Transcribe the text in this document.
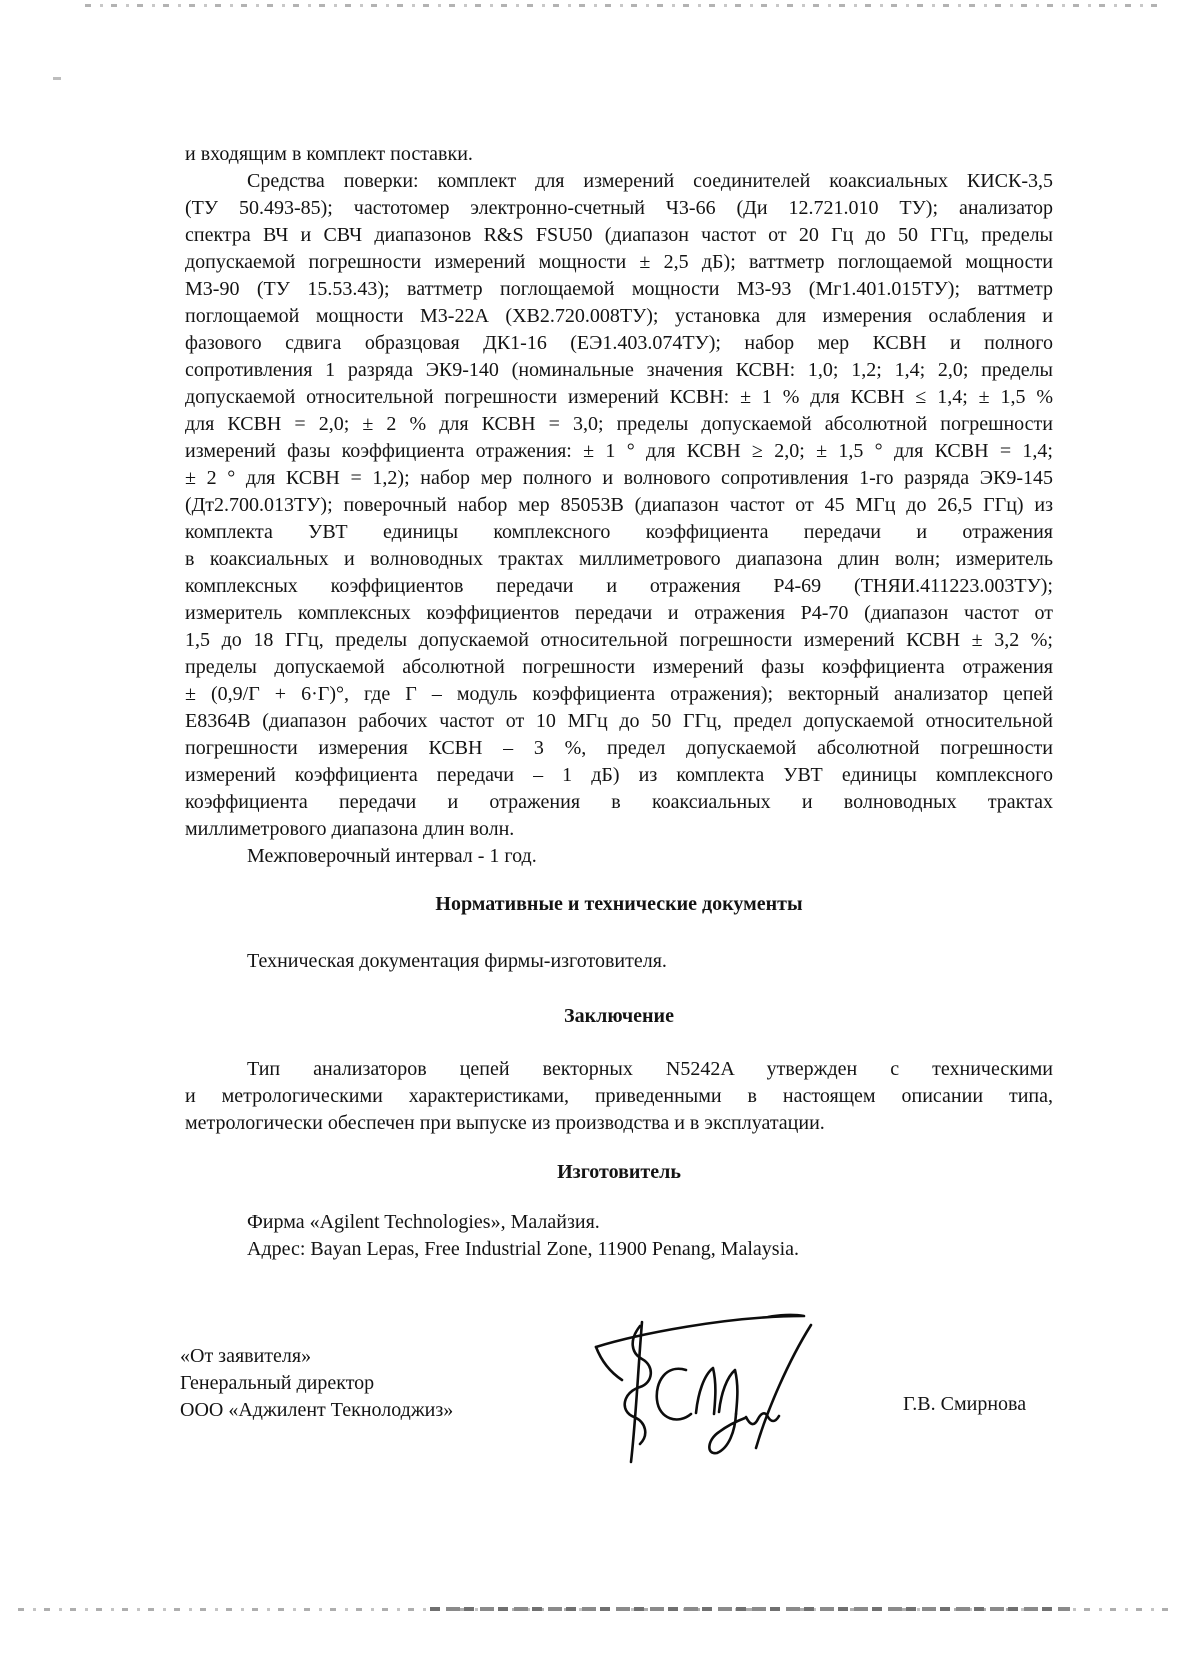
и входящим в комплект поставки.
Средства поверки: комплект для измерений соединителей коаксиальных КИСК-3,5
(ТУ 50.493-85); частотомер электронно-счетный Ч3-66 (Ди 12.721.010 ТУ); анализатор
спектра ВЧ и СВЧ диапазонов R&S FSU50 (диапазон частот от 20 Гц до 50 ГГц, пределы
допускаемой погрешности измерений мощности ± 2,5 дБ); ваттметр поглощаемой мощности
М3-90 (ТУ 15.53.43); ваттметр поглощаемой мощности М3-93 (Мг1.401.015ТУ); ваттметр
поглощаемой мощности М3-22А (ХВ2.720.008ТУ); установка для измерения ослабления и
фазового сдвига образцовая ДК1-16 (ЕЭ1.403.074ТУ); набор мер КСВН и полного
сопротивления 1 разряда ЭК9-140 (номинальные значения КСВН: 1,0; 1,2; 1,4; 2,0; пределы
допускаемой относительной погрешности измерений КСВН: ± 1 % для КСВН ≤ 1,4; ± 1,5 %
для КСВН = 2,0; ± 2 % для КСВН = 3,0; пределы допускаемой абсолютной погрешности
измерений фазы коэффициента отражения: ± 1 ° для КСВН ≥ 2,0; ± 1,5 ° для КСВН = 1,4;
± 2 ° для КСВН = 1,2); набор мер полного и волнового сопротивления 1-го разряда ЭК9-145
(Дт2.700.013ТУ); поверочный набор мер 85053В (диапазон частот от 45 МГц до 26,5 ГГц) из
комплекта УВТ единицы комплексного коэффициента передачи и отражения
в коаксиальных и волноводных трактах миллиметрового диапазона длин волн; измеритель
комплексных коэффициентов передачи и отражения Р4-69 (ТНЯИ.411223.003ТУ);
измеритель комплексных коэффициентов передачи и отражения Р4-70 (диапазон частот от
1,5 до 18 ГГц, пределы допускаемой относительной погрешности измерений КСВН ± 3,2 %;
пределы допускаемой абсолютной погрешности измерений фазы коэффициента отражения
± (0,9/Г + 6·Г)°, где Г – модуль коэффициента отражения); векторный анализатор цепей
Е8364В (диапазон рабочих частот от 10 МГц до 50 ГГц, предел допускаемой относительной
погрешности измерения КСВН – 3 %, предел допускаемой абсолютной погрешности
измерений коэффициента передачи – 1 дБ) из комплекта УВТ единицы комплексного
коэффициента передачи и отражения в коаксиальных и волноводных трактах
миллиметрового диапазона длин волн.
Межповерочный интервал - 1 год.
Нормативные и технические документы
Техническая документация фирмы-изготовителя.
Заключение
Тип анализаторов цепей векторных N5242A утвержден с техническими
и метрологическими характеристиками, приведенными в настоящем описании типа,
метрологически обеспечен при выпуске из производства и в эксплуатации.
Изготовитель
Фирма «Agilent Technologies», Малайзия.
Адрес: Bayan Lepas, Free Industrial Zone, 11900 Penang, Malaysia.
«От заявителя»
Генеральный директор
ООО «Аджилент Текнолоджиз»	Г.В. Смирнова
